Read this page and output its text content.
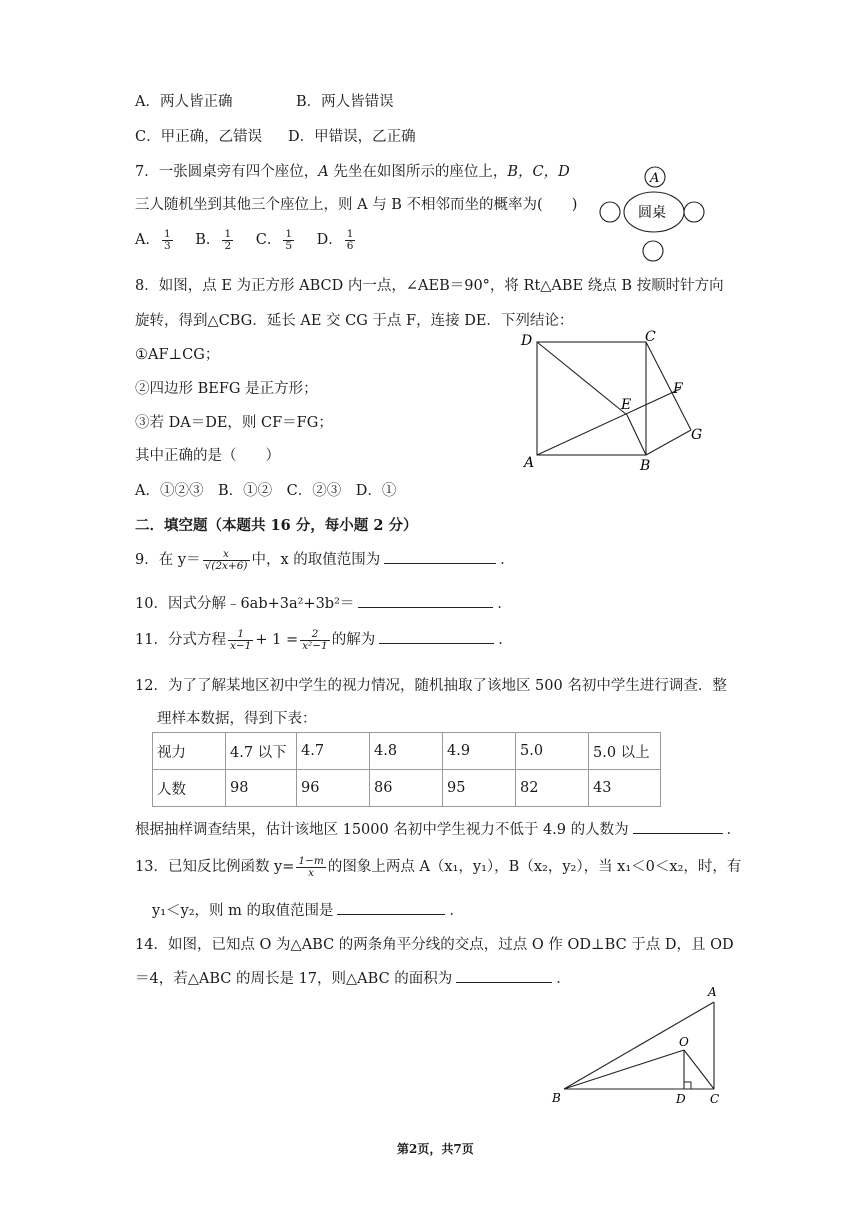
A．两人皆正确	B．两人皆错误
C．甲正确，乙错误 D．甲错误，乙正确
7．一张圆桌旁有四个座位，A 先坐在如图所示的座位上，B，C，D
三人随机坐到其他三个座位上，则 A 与 B 不相邻而坐的概率为(　　)
A． $\frac{1}{3}$ B． $\frac{1}{2}$ C． $\frac{1}{5}$ D． $\frac{1}{6}$
A
圆桌
8．如图，点 E 为正方形 ABCD 内一点，∠AEB＝90°，将 Rt△ABE 绕点 B 按顺时针方向
旋转，得到△CBG．延长 AE 交 CG 于点 F，连接 DE．下列结论：
①AF⊥CG；
②四边形 BEFG 是正方形；
③若 DA＝DE，则 CF＝FG；
其中正确的是（　　）
A．①②③　B．①②　C．②③　D．①
D	C
F
E
G
A	B
二．填空题（本题共 16 分，每小题 2 分）
9．在 $y= \frac{x}{√(2x+6)}$ 中，x 的取值范围为	．
10．因式分解﹣6ab+3a²+3b²＝	．
11．分式方程 $\frac{1}{x-1} + 1 = \frac{2}{\text{x²−1}}$ 的解为	．
12．为了了解某地区初中学生的视力情况，随机抽取了该地区 500 名初中学生进行调查．整
理样本数据，得到下表：
视力	4.7 以下	4.7	4.8	4.9	5.0	5.0 以上
人数	98	96	86	95	82	43
根据抽样调查结果，估计该地区 15000 名初中学生视力不低于 4.9 的人数为	．
13．已知反比例函数 $y= \frac{1-m}{x}$ 的图象上两点 A（x₁，y₁），B（x₂，y₂），当 x₁＜0＜x₂，时，有
y₁＜y₂，则 m 的取值范围是	．
14．如图，已知点 O 为△ABC 的两条角平分线的交点，过点 O 作 OD⊥BC 于点 D，且 OD
＝4，若△ABC 的周长是 17，则△ABC 的面积为	．
A
O
B	D C
第2页，共7页
